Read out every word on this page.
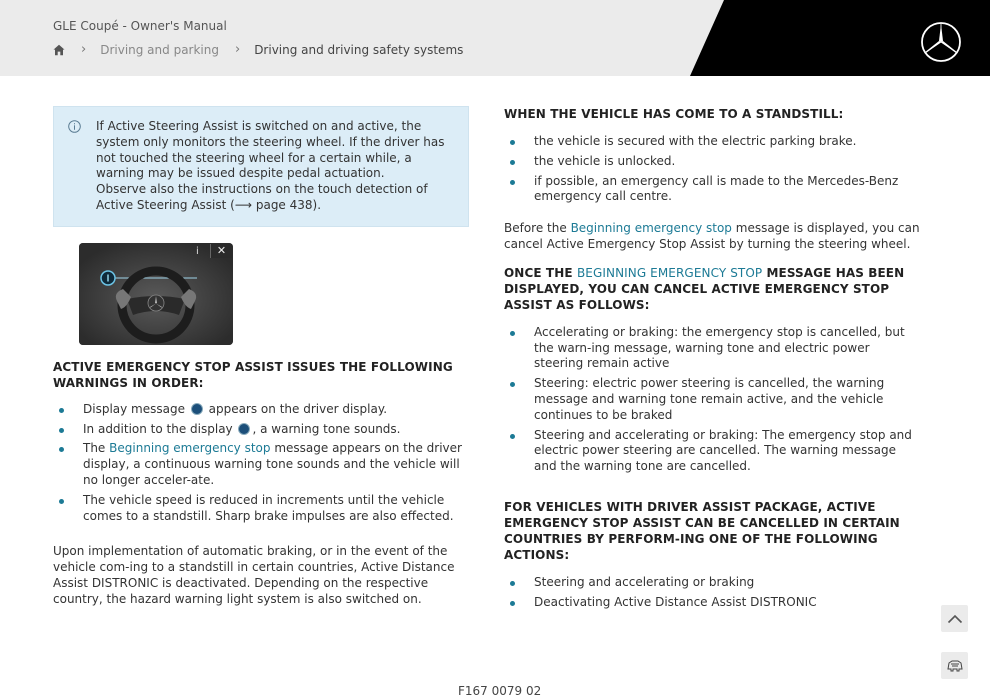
GLE Coupé - Owner's Manual
› Driving and parking › Driving and driving safety systems

If Active Steering Assist is switched on and active, the system only monitors the steering wheel. If the driver has not touched the steering wheel for a certain while, a warning may be issued despite pedal actuation.

Observe also the instructions on the touch detection of Active Steering Assist (⟶ page 438).

i	✕
ACTIVE EMERGENCY STOP ASSIST ISSUES THE FOLLOWING WARNINGS IN ORDER:
Display message  appears on the driver display.
In addition to the display , a warning tone sounds.
The Beginning emergency stop message appears on the driver display, a continuous warning tone sounds and the vehicle will no longer acceler-ate.
The vehicle speed is reduced in increments until the vehicle comes to a standstill. Sharp brake impulses are also effected.

Upon implementation of automatic braking, or in the event of the vehicle com-ing to a standstill in certain countries, Active Distance Assist DISTRONIC is deactivated. Depending on the respective country, the hazard warning light system is also switched on.

WHEN THE VEHICLE HAS COME TO A STANDSTILL:
the vehicle is secured with the electric parking brake.
the vehicle is unlocked.
if possible, an emergency call is made to the Mercedes-Benz emergency call centre.

Before the Beginning emergency stop message is displayed, you can cancel Active Emergency Stop Assist by turning the steering wheel.

ONCE THE BEGINNING EMERGENCY STOP MESSAGE HAS BEEN DISPLAYED, YOU CAN CANCEL ACTIVE EMERGENCY STOP ASSIST AS FOLLOWS:
Accelerating or braking: the emergency stop is cancelled, but the warn-ing message, warning tone and electric power steering remain active
Steering: electric power steering is cancelled, the warning message and warning tone remain active, and the vehicle continues to be braked
Steering and accelerating or braking: The emergency stop and electric power steering are cancelled. The warning message and the warning tone are cancelled.
FOR VEHICLES WITH DRIVER ASSIST PACKAGE, ACTIVE EMERGENCY STOP ASSIST CAN BE CANCELLED IN CERTAIN COUNTRIES BY PERFORM-ING ONE OF THE FOLLOWING ACTIONS:
Steering and accelerating or braking
Deactivating Active Distance Assist DISTRONIC
F167 0079 02
